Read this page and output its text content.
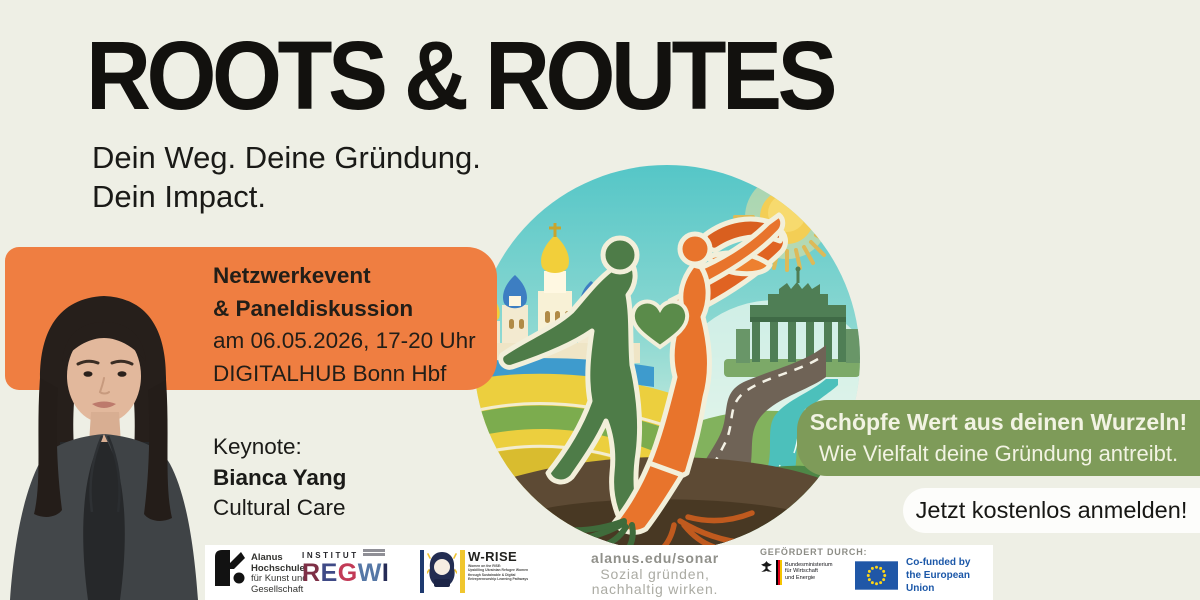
ROOTS & ROUTES
Dein Weg. Deine Gründung.
Dein Impact.
Netzwerkevent
& Paneldiskussion
am 06.05.2026, 17-20 Uhr
DIGITALHUB Bonn Hbf
Keynote:
Bianca Yang
Cultural Care
Schöpfe Wert aus deinen Wurzeln!
Wie Vielfalt deine Gründung antreibt.
Jetzt kostenlos anmelden!
Alanus
Hochschule
für Kunst und
Gesellschaft
INSTITUT
REGWI
W-RISE
Women on the RISE:
Upskilling Ukrainian Refugee Women
through Sustainable & Digital
Entrepreneurship Learning Pathways
alanus.edu/sonar
Sozial gründen,
nachhaltig wirken.
GEFÖRDERT DURCH:
Bundesministerium
für Wirtschaft
und Energie
Co-funded by
the European Union
